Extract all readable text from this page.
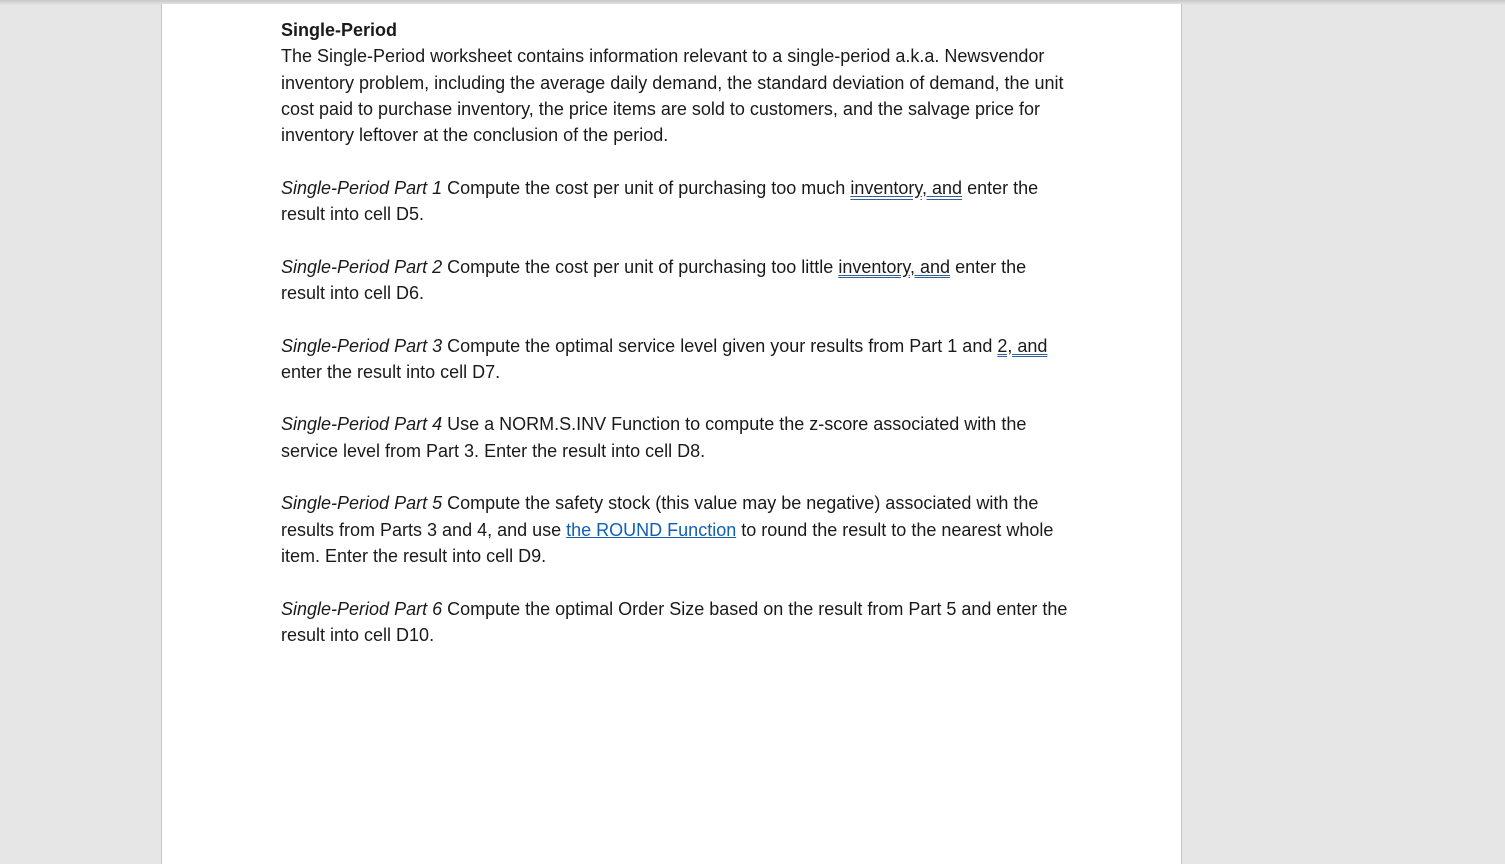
Single-Period

The Single-Period worksheet contains information relevant to a single-period a.k.a. Newsvendor inventory problem, including the average daily demand, the standard deviation of demand, the unit cost paid to purchase inventory, the price items are sold to customers, and the salvage price for inventory leftover at the conclusion of the period.

Single-Period Part 1 Compute the cost per unit of purchasing too much inventory, and enter the result into cell D5.

Single-Period Part 2 Compute the cost per unit of purchasing too little inventory, and enter the result into cell D6.

Single-Period Part 3 Compute the optimal service level given your results from Part 1 and 2, and enter the result into cell D7.

Single-Period Part 4 Use a NORM.S.INV Function to compute the z-score associated with the service level from Part 3. Enter the result into cell D8.

Single-Period Part 5 Compute the safety stock (this value may be negative) associated with the results from Parts 3 and 4, and use the ROUND Function to round the result to the nearest whole item. Enter the result into cell D9.

Single-Period Part 6 Compute the optimal Order Size based on the result from Part 5 and enter the result into cell D10.
